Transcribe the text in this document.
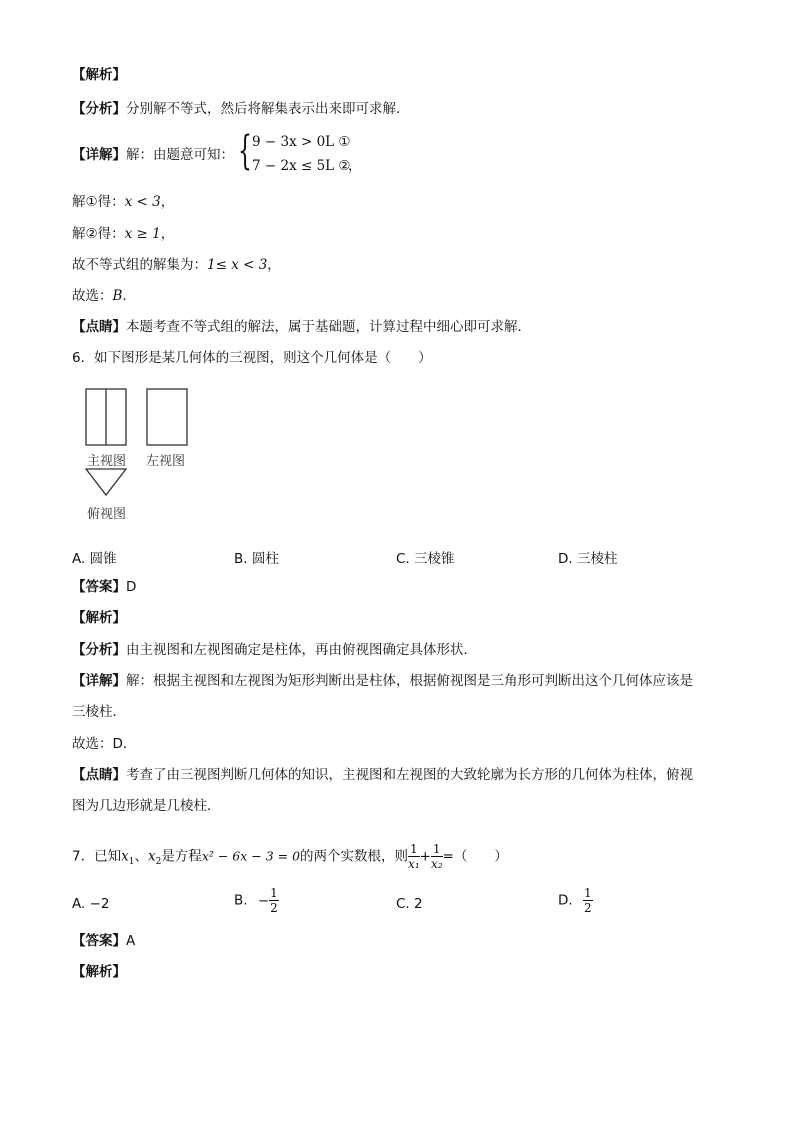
【解析】
【分析】分别解不等式，然后将解集表示出来即可求解．
【详解】解：由题意可知： { 9 − 3x > 0L ①
7 − 2x ≤ 5L ②
，
解①得：x < 3，
解②得：x ≥ 1，
故不等式组的解集为：1≤ x < 3，
故选：B．
【点睛】本题考查不等式组的解法，属于基础题，计算过程中细心即可求解．
6．如下图形是某几何体的三视图，则这个几何体是（　　）
主视图 左视图
俯视图
A. 圆锥	B. 圆柱	C. 三棱锥	D. 三棱柱
【答案】D
【解析】
【分析】由主视图和左视图确定是柱体，再由俯视图确定具体形状．
【详解】解：根据主视图和左视图为矩形判断出是柱体，根据俯视图是三角形可判断出这个几何体应该是
三棱柱．
故选：D．
【点睛】考查了由三视图判断几何体的知识，主视图和左视图的大致轮廓为长方形的几何体为柱体，俯视
图为几边形就是几棱柱．
7．已知$x_1$、$x_2$是方程x² − 6x − 3 = 0的两个实数根，则 $\frac{1}{\text{x₁}} + \frac{1}{\text{x₂}}$ =（　　）
A. −2	B. − $\frac{1}{2}$	C. 2	D. $\frac{1}{2}$
【答案】A
【解析】
